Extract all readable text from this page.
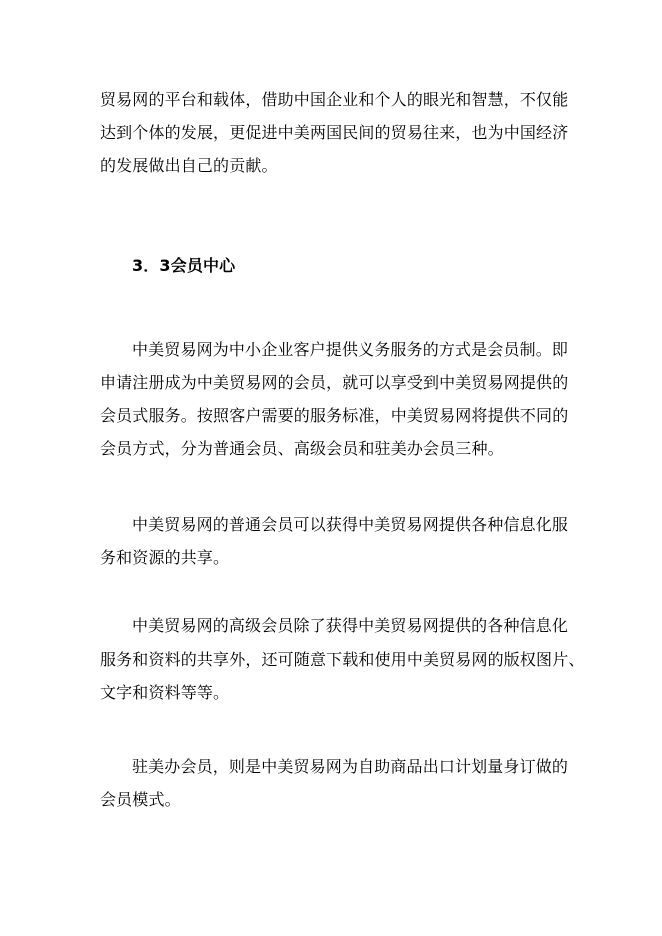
贸易网的平台和载体，借助中国企业和个人的眼光和智慧，不仅能
达到个体的发展，更促进中美两国民间的贸易往来，也为中国经济
的发展做出自己的贡献。
3．3会员中心
中美贸易网为中小企业客户提供义务服务的方式是会员制。即
申请注册成为中美贸易网的会员，就可以享受到中美贸易网提供的
会员式服务。按照客户需要的服务标准，中美贸易网将提供不同的
会员方式，分为普通会员、高级会员和驻美办会员三种。
中美贸易网的普通会员可以获得中美贸易网提供各种信息化服
务和资源的共享。
中美贸易网的高级会员除了获得中美贸易网提供的各种信息化
服务和资料的共享外，还可随意下载和使用中美贸易网的版权图片、
文字和资料等等。
驻美办会员，则是中美贸易网为自助商品出口计划量身订做的
会员模式。
